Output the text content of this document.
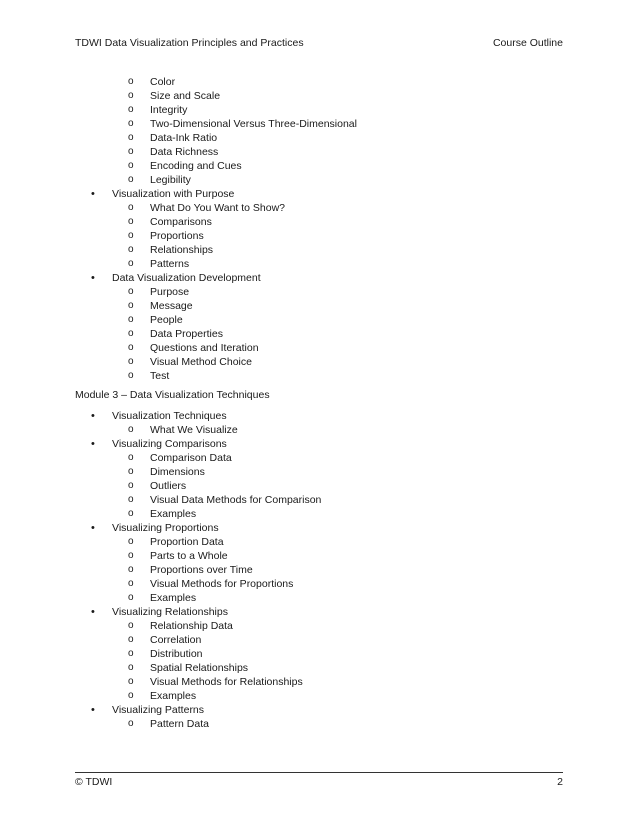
TDWI Data Visualization Principles and Practices	Course Outline
o	Color
o	Size and Scale
o	Integrity
o	Two-Dimensional Versus Three-Dimensional
o	Data-Ink Ratio
o	Data Richness
o	Encoding and Cues
o	Legibility
•	Visualization with Purpose
o	What Do You Want to Show?
o	Comparisons
o	Proportions
o	Relationships
o	Patterns
•	Data Visualization Development
o	Purpose
o	Message
o	People
o	Data Properties
o	Questions and Iteration
o	Visual Method Choice
o	Test
Module 3 – Data Visualization Techniques
•	Visualization Techniques
o	What We Visualize
•	Visualizing Comparisons
o	Comparison Data
o	Dimensions
o	Outliers
o	Visual Data Methods for Comparison
o	Examples
•	Visualizing Proportions
o	Proportion Data
o	Parts to a Whole
o	Proportions over Time
o	Visual Methods for Proportions
o	Examples
•	Visualizing Relationships
o	Relationship Data
o	Correlation
o	Distribution
o	Spatial Relationships
o	Visual Methods for Relationships
o	Examples
•	Visualizing Patterns
o	Pattern Data
© TDWI	2
